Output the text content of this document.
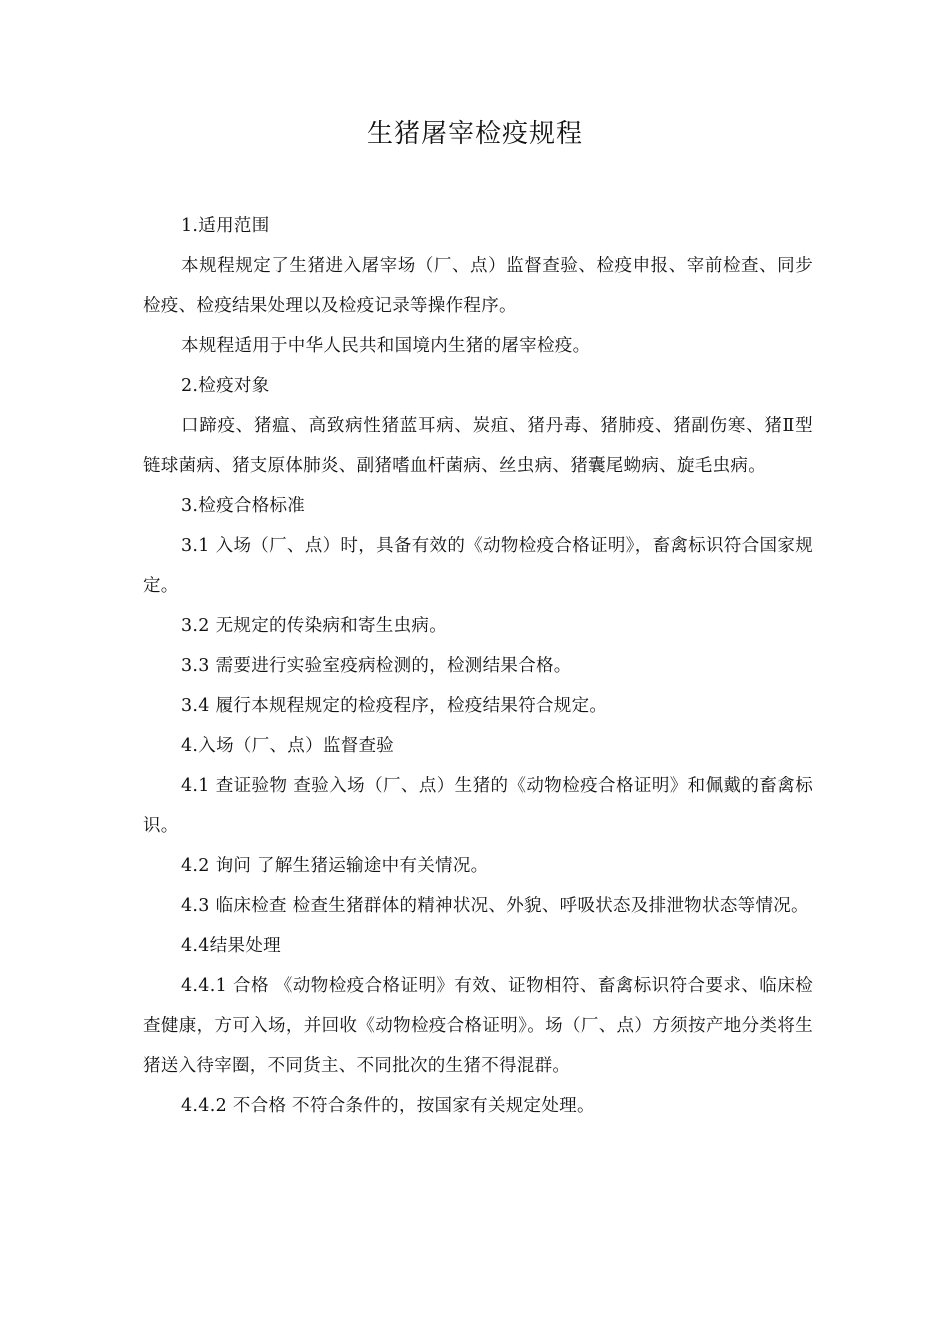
生猪屠宰检疫规程

1.适用范围

本规程规定了生猪进入屠宰场（厂、点）监督查验、检疫申报、宰前检查、同步检疫、检疫结果处理以及检疫记录等操作程序。

本规程适用于中华人民共和国境内生猪的屠宰检疫。

2.检疫对象

口蹄疫、猪瘟、高致病性猪蓝耳病、炭疽、猪丹毒、猪肺疫、猪副伤寒、猪Ⅱ型链球菌病、猪支原体肺炎、副猪嗜血杆菌病、丝虫病、猪囊尾蚴病、旋毛虫病。

3.检疫合格标准

3.1 入场（厂、点）时，具备有效的《动物检疫合格证明》，畜禽标识符合国家规定。

3.2 无规定的传染病和寄生虫病。

3.3 需要进行实验室疫病检测的，检测结果合格。

3.4 履行本规程规定的检疫程序，检疫结果符合规定。

4.入场（厂、点）监督查验

4.1 查证验物 查验入场（厂、点）生猪的《动物检疫合格证明》和佩戴的畜禽标识。

4.2 询问 了解生猪运输途中有关情况。

4.3 临床检查 检查生猪群体的精神状况、外貌、呼吸状态及排泄物状态等情况。

4.4结果处理

4.4.1 合格 《动物检疫合格证明》有效、证物相符、畜禽标识符合要求、临床检查健康，方可入场，并回收《动物检疫合格证明》。场（厂、点）方须按产地分类将生猪送入待宰圈，不同货主、不同批次的生猪不得混群。

4.4.2 不合格 不符合条件的，按国家有关规定处理。
